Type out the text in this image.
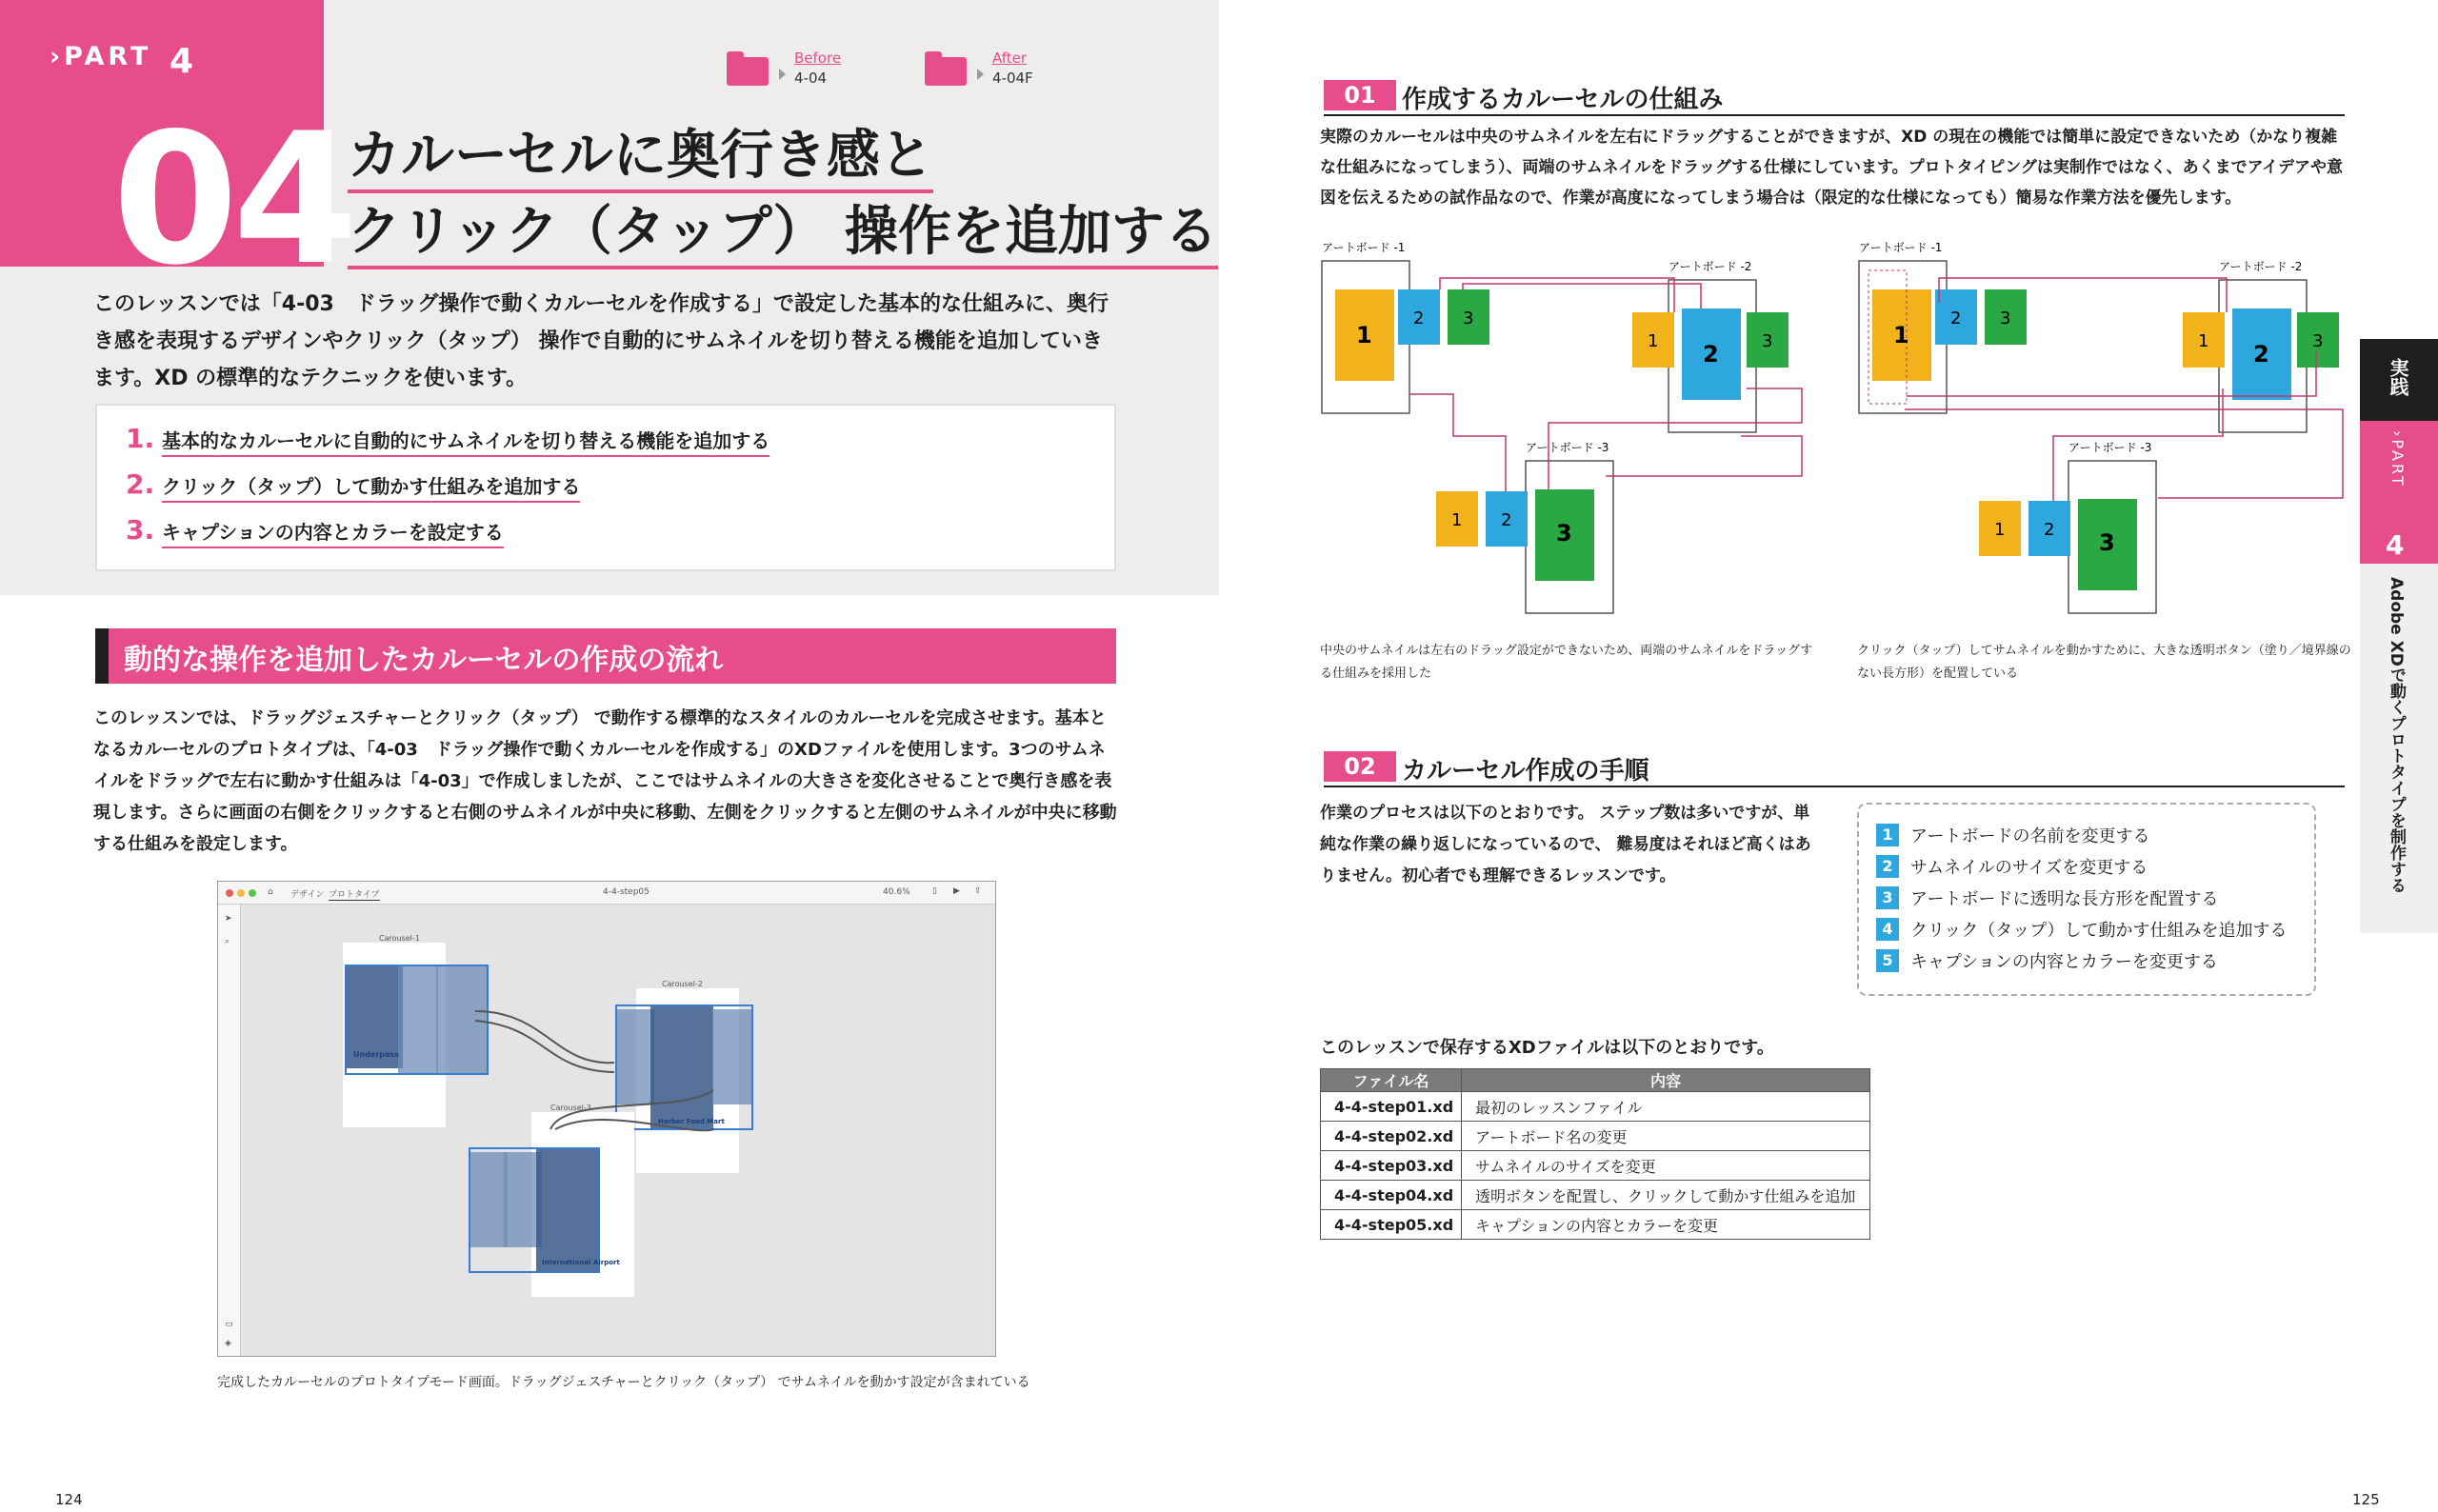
›PART 4
04
カルーセルに奥行き感と
クリック（タップ） 操作を追加する
Before
4-04
After
4-04F
このレッスンでは「4-03　ドラッグ操作で動くカルーセルを作成する」で設定した基本的な仕組みに、奥行き感を表現するデザインやクリック（タップ） 操作で自動的にサムネイルを切り替える機能を追加していきます。XD の標準的なテクニックを使います。
1. 基本的なカルーセルに自動的にサムネイルを切り替える機能を追加する
2. クリック（タップ）して動かす仕組みを追加する
3. キャプションの内容とカラーを設定する
動的な操作を追加したカルーセルの作成の流れ
このレッスンでは、ドラッグジェスチャーとクリック（タップ） で動作する標準的なスタイルのカルーセルを完成させます。基本となるカルーセルのプロトタイプは、「4-03　ドラッグ操作で動くカルーセルを作成する」のXDファイルを使用します。3つのサムネイルをドラッグで左右に動かす仕組みは「4-03」で作成しましたが、ここではサムネイルの大きさを変化させることで奥行き感を表現します。さらに画面の右側をクリックすると右側のサムネイルが中央に移動、左側をクリックすると左側のサムネイルが中央に移動する仕組みを設定します。
⌂ デザイン プロトタイプ	4-4-step05	40.6%	▯ ▶ ⇪
➤
⌕
▭
◈
Carousel-1
Carousel-2
Carousel-3
Underpass
Harbor Food Mart
International Airport
完成したカルーセルのプロトタイプモード画面。ドラッグジェスチャーとクリック（タップ） でサムネイルを動かす設定が含まれている
124
01	作成するカルーセルの仕組み
実際のカルーセルは中央のサムネイルを左右にドラッグすることができますが、XD の現在の機能では簡単に設定できないため（かなり複雑な仕組みになってしまう）、両端のサムネイルをドラッグする仕様にしています。プロトタイピングは実制作ではなく、あくまでアイデアや意図を伝えるための試作品なので、作業が高度になってしまう場合は（限定的な仕様になっても）簡易な作業方法を優先します。
アートボード -1
1
2 3
アートボード -2
1 2	3
アートボード -3
1 2 3
アートボード -1
1
2 3
アートボード -2
1 2	3
アートボード -3
1 2 3
中央のサムネイルは左右のドラッグ設定ができないため、両端のサムネイルをドラッグする仕組みを採用した
クリック（タップ）してサムネイルを動かすために、大きな透明ボタン（塗り／境界線のない長方形）を配置している
02	カルーセル作成の手順
作業のプロセスは以下のとおりです。 ステップ数は多いですが、単純な作業の繰り返しになっているので、 難易度はそれほど高くはありません。初心者でも理解できるレッスンです。
1	アートボードの名前を変更する
2	サムネイルのサイズを変更する
3	アートボードに透明な長方形を配置する
4	クリック（タップ）して動かす仕組みを追加する
5	キャプションの内容とカラーを変更する
このレッスンで保存するXDファイルは以下のとおりです。
ファイル名	内容
4-4-step01.xd	最初のレッスンファイル
4-4-step02.xd	アートボード名の変更
4-4-step03.xd	サムネイルのサイズを変更
4-4-step04.xd	透明ボタンを配置し、クリックして動かす仕組みを追加
4-4-step05.xd	キャプションの内容とカラーを変更
実践
›PART
4
Adobe XDで動くプロトタイプを制作する
125
